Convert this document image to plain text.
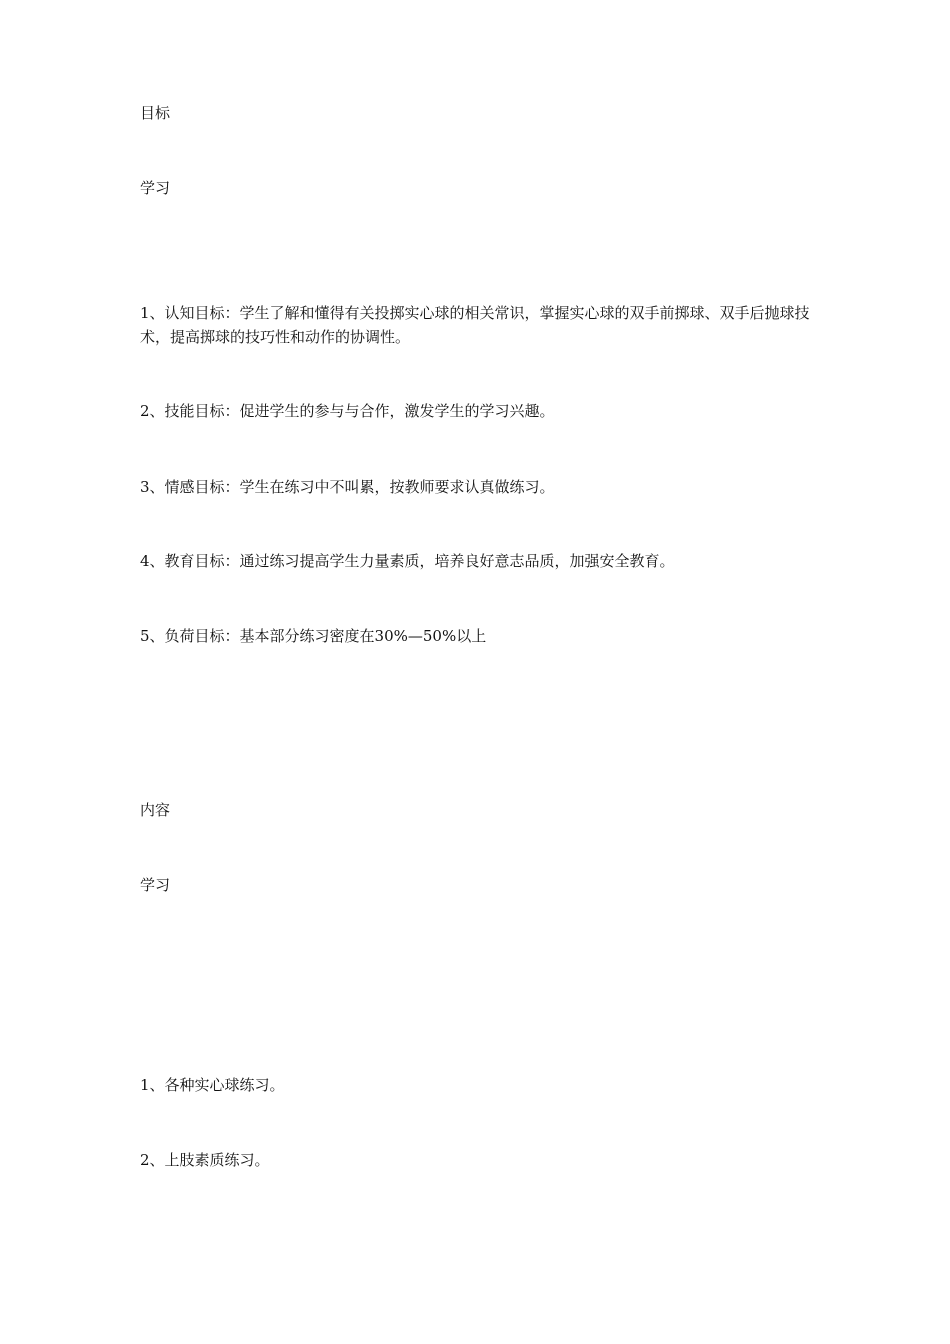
目标
学习
1、认知目标：学生了解和懂得有关投掷实心球的相关常识，掌握实心球的双手前掷球、双手后抛球技术，提高掷球的技巧性和动作的协调性。
2、技能目标：促进学生的参与与合作，激发学生的学习兴趣。
3、情感目标：学生在练习中不叫累，按教师要求认真做练习。
4、教育目标：通过练习提高学生力量素质，培养良好意志品质，加强安全教育。
5、负荷目标：基本部分练习密度在30%—50%以上
内容
学习
1、各种实心球练习。
2、上肢素质练习。
